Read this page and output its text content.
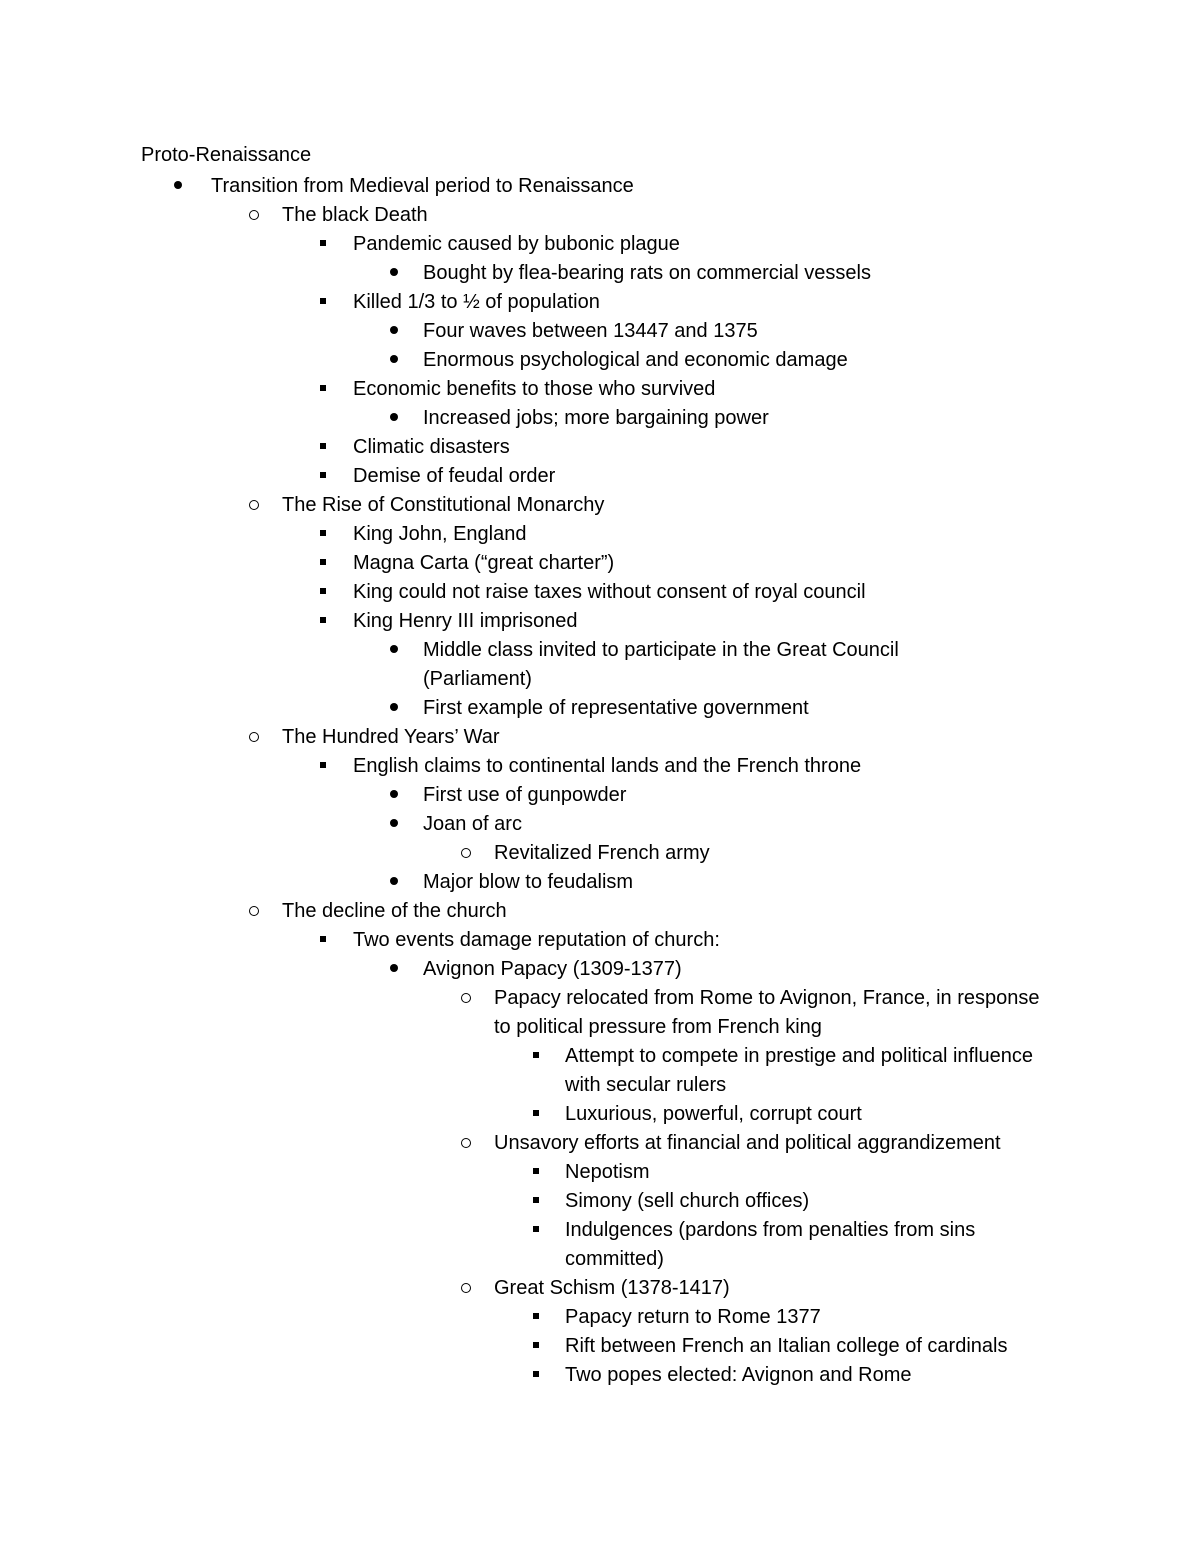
Proto-Renaissance
Transition from Medieval period to Renaissance
The black Death
Pandemic caused by bubonic plague
Bought by flea-bearing rats on commercial vessels
Killed 1/3 to ½ of population
Four waves between 13447 and 1375
Enormous psychological and economic damage
Economic benefits to those who survived
Increased jobs; more bargaining power
Climatic disasters
Demise of feudal order
The Rise of Constitutional Monarchy
King John, England
Magna Carta (“great charter”)
King could not raise taxes without consent of royal council
King Henry III imprisoned
Middle class invited to participate in the Great Council (Parliament)
First example of representative government
The Hundred Years’ War
English claims to continental lands and the French throne
First use of gunpowder
Joan of arc
Revitalized French army
Major blow to feudalism
The decline of the church
Two events damage reputation of church:
Avignon Papacy (1309-1377)
Papacy relocated from Rome to Avignon, France, in response to political pressure from French king
Attempt to compete in prestige and political influence with secular rulers
Luxurious, powerful, corrupt court
Unsavory efforts at financial and political aggrandizement
Nepotism
Simony (sell church offices)
Indulgences (pardons from penalties from sins committed)
Great Schism (1378-1417)
Papacy return to Rome 1377
Rift between French an Italian college of cardinals
Two popes elected: Avignon and Rome
